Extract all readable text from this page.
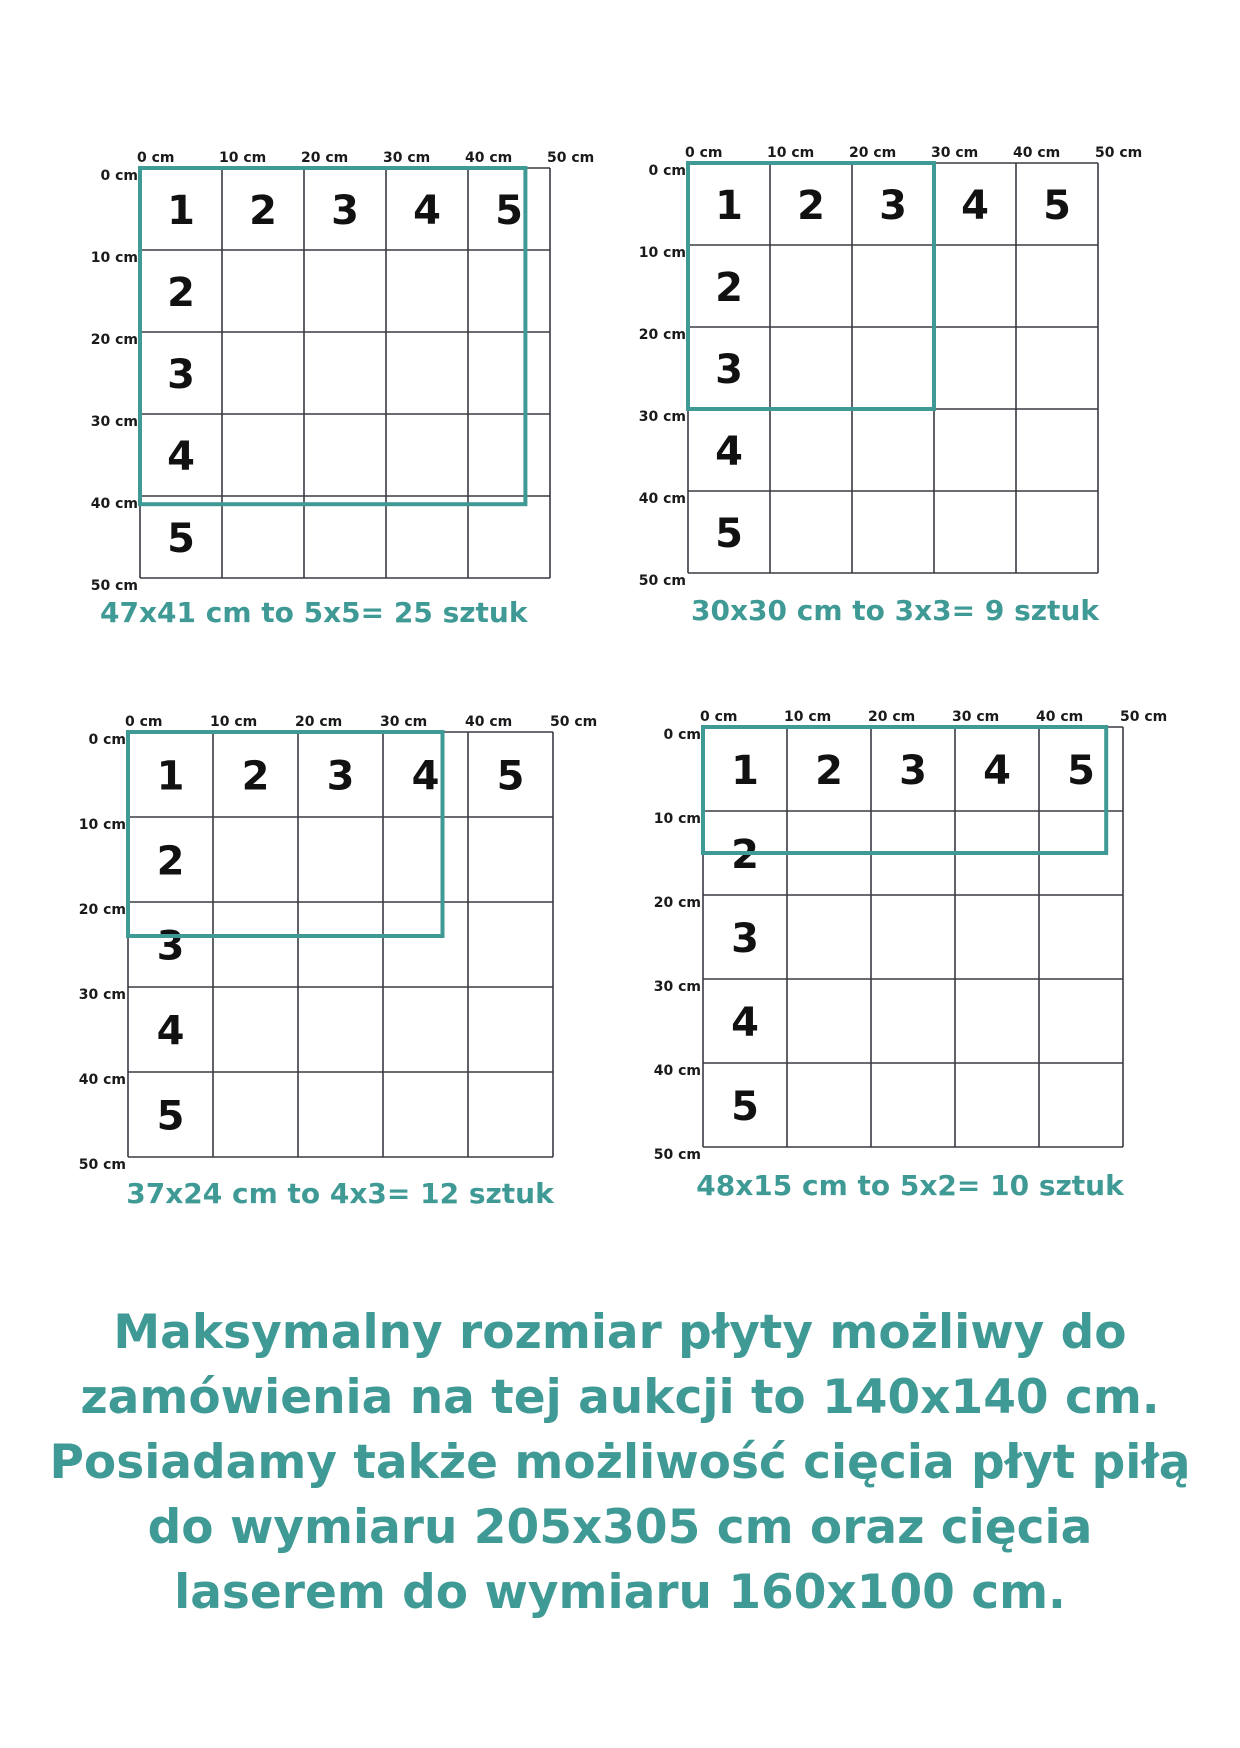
0 cm	10 cm 20 cm 30 cm 40 cm 50 cm
0 cm
10 cm
20 cm
30 cm
40 cm
50 cm
1 2 3 4 5
2
3
4
5
47x41 cm to 5x5= 25 sztuk
0 cm	10 cm 20 cm 30 cm 40 cm 50 cm
0 cm
10 cm
20 cm
30 cm
40 cm
50 cm
1 2 3 4 5
2
3
4
5
30x30 cm to 3x3= 9 sztuk
0 cm	10 cm	20 cm	30 cm	40 cm	50 cm
0 cm
10 cm
20 cm
30 cm
40 cm
50 cm
1 2 3 4 5
2
3
4
5
37x24 cm to 4x3= 12 sztuk
0 cm	10 cm	20 cm	30 cm	40 cm	50 cm
0 cm
10 cm
20 cm
30 cm
40 cm
50 cm
1 2 3 4 5
2
3
4
5
48x15 cm to 5x2= 10 sztuk
Maksymalny rozmiar płyty możliwy do
zamówienia na tej aukcji to 140x140 cm.
Posiadamy także możliwość cięcia płyt piłą
do wymiaru 205x305 cm oraz cięcia
laserem do wymiaru 160x100 cm.
